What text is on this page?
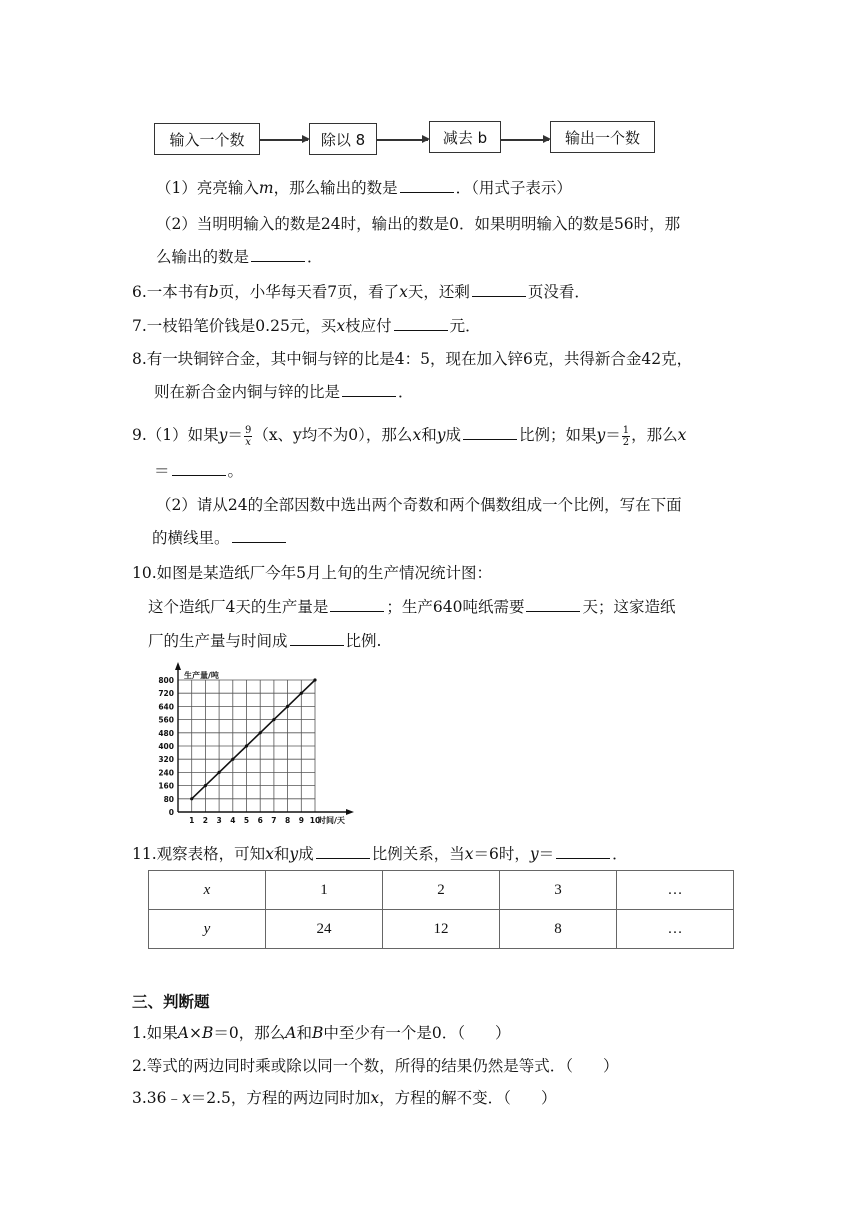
输入一个数	除以 8	减去 b	输出一个数
（1）亮亮输入m，那么输出的数是	．（用式子表示）
（2）当明明输入的数是24时，输出的数是0．如果明明输入的数是56时，那
么输出的数是	．
6.一本书有b页，小华每天看7页，看了x天，还剩	页没看．
7.一枝铅笔价钱是0.25元，买x枝应付	元．
8.有一块铜锌合金，其中铜与锌的比是4：5，现在加入锌6克，共得新合金42克，
则在新合金内铜与锌的比是	．
9.（1）如果$y= \frac{9}{x} (x$、y均不为0），那么x和y成	比例；如果$y= \frac{1}{2}$ ，那么x
＝	。
（2）请从24的全部因数中选出两个奇数和两个偶数组成一个比例，写在下面
的横线里。
10.如图是某造纸厂今年5月上旬的生产情况统计图：
这个造纸厂4天的生产量是	；生产640吨纸需要	天；这家造纸
厂的生产量与时间成	比例.
0
80
160
240
320
400
480
560
640
720
800
1 2 3 4 5 6 7 8 9 10
生产量/吨
时间/天
11.观察表格，可知x和y成	比例关系，当x＝6时，y＝	．
x	1	2	3	…
y	24	12	8	…
三、判断题
1.如果A×B＝0，那么A和B中至少有一个是0．（ ）
2.等式的两边同时乘或除以同一个数，所得的结果仍然是等式．（ ）
3.36﹣x＝2.5，方程的两边同时加x，方程的解不变．（ ）
